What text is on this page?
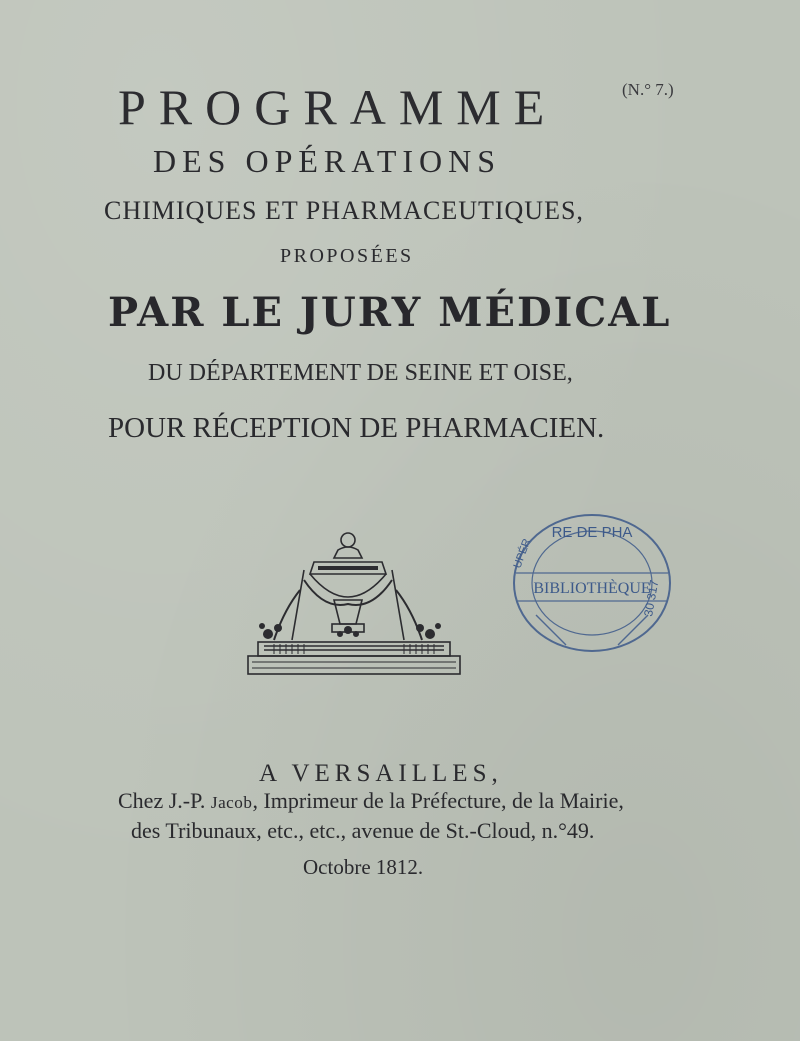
PROGRAMME	(N.° 7.)
DES OPÉRATIONS
CHIMIQUES ET PHARMACEUTIQUES,
PROPOSÉES
PAR LE JURY MÉDICAL
DU DÉPARTEMENT DE SEINE ET OISE,
POUR RÉCEPTION DE PHARMACIEN.
RE DE PHA
BIBLIOTHÈQUE
UPÉR
30 317
A VERSAILLES,
Chez J.-P. Jacob, Imprimeur de la Préfecture, de la Mairie,
des Tribunaux, etc., etc., avenue de St.-Cloud, n.°49.
Octobre 1812.
